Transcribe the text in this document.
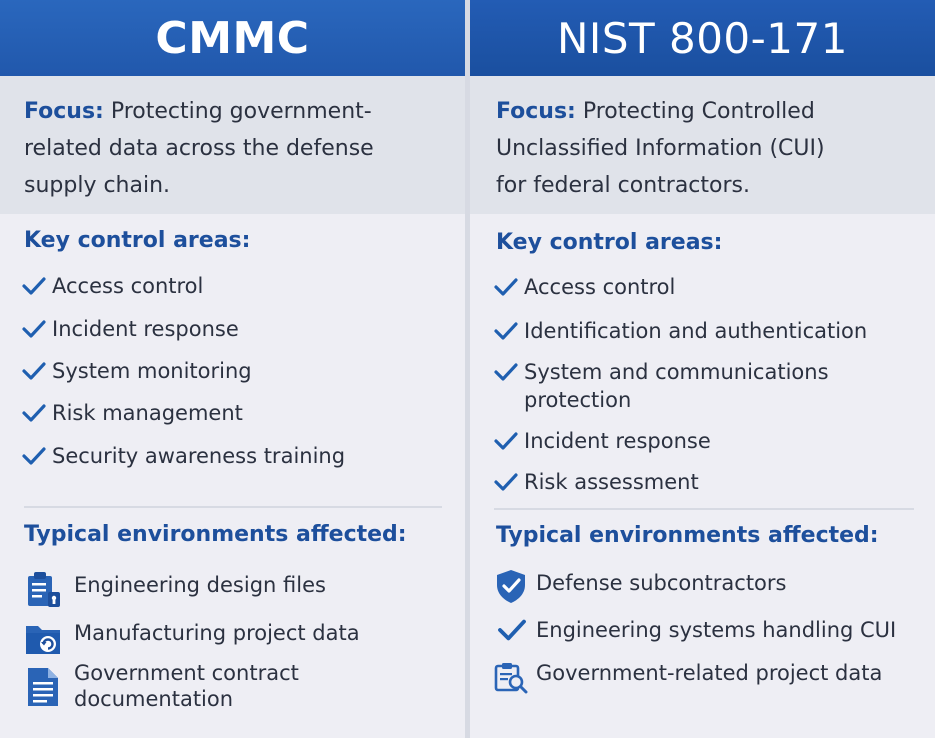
CMMC
Focus: Protecting government-
related data across the defense
supply chain.
Key control areas:
Access control
Incident response
System monitoring
Risk management
Security awareness training
Typical environments affected:
Engineering design files
Manufacturing project data
Government contract
documentation
NIST 800-171
Focus: Protecting Controlled
Unclassified Information (CUI)
for federal contractors.
Key control areas:
Access control
Identification and authentication
System and communications
protection
Incident response
Risk assessment
Typical environments affected:
Defense subcontractors
Engineering systems handling CUI
Government-related project data
